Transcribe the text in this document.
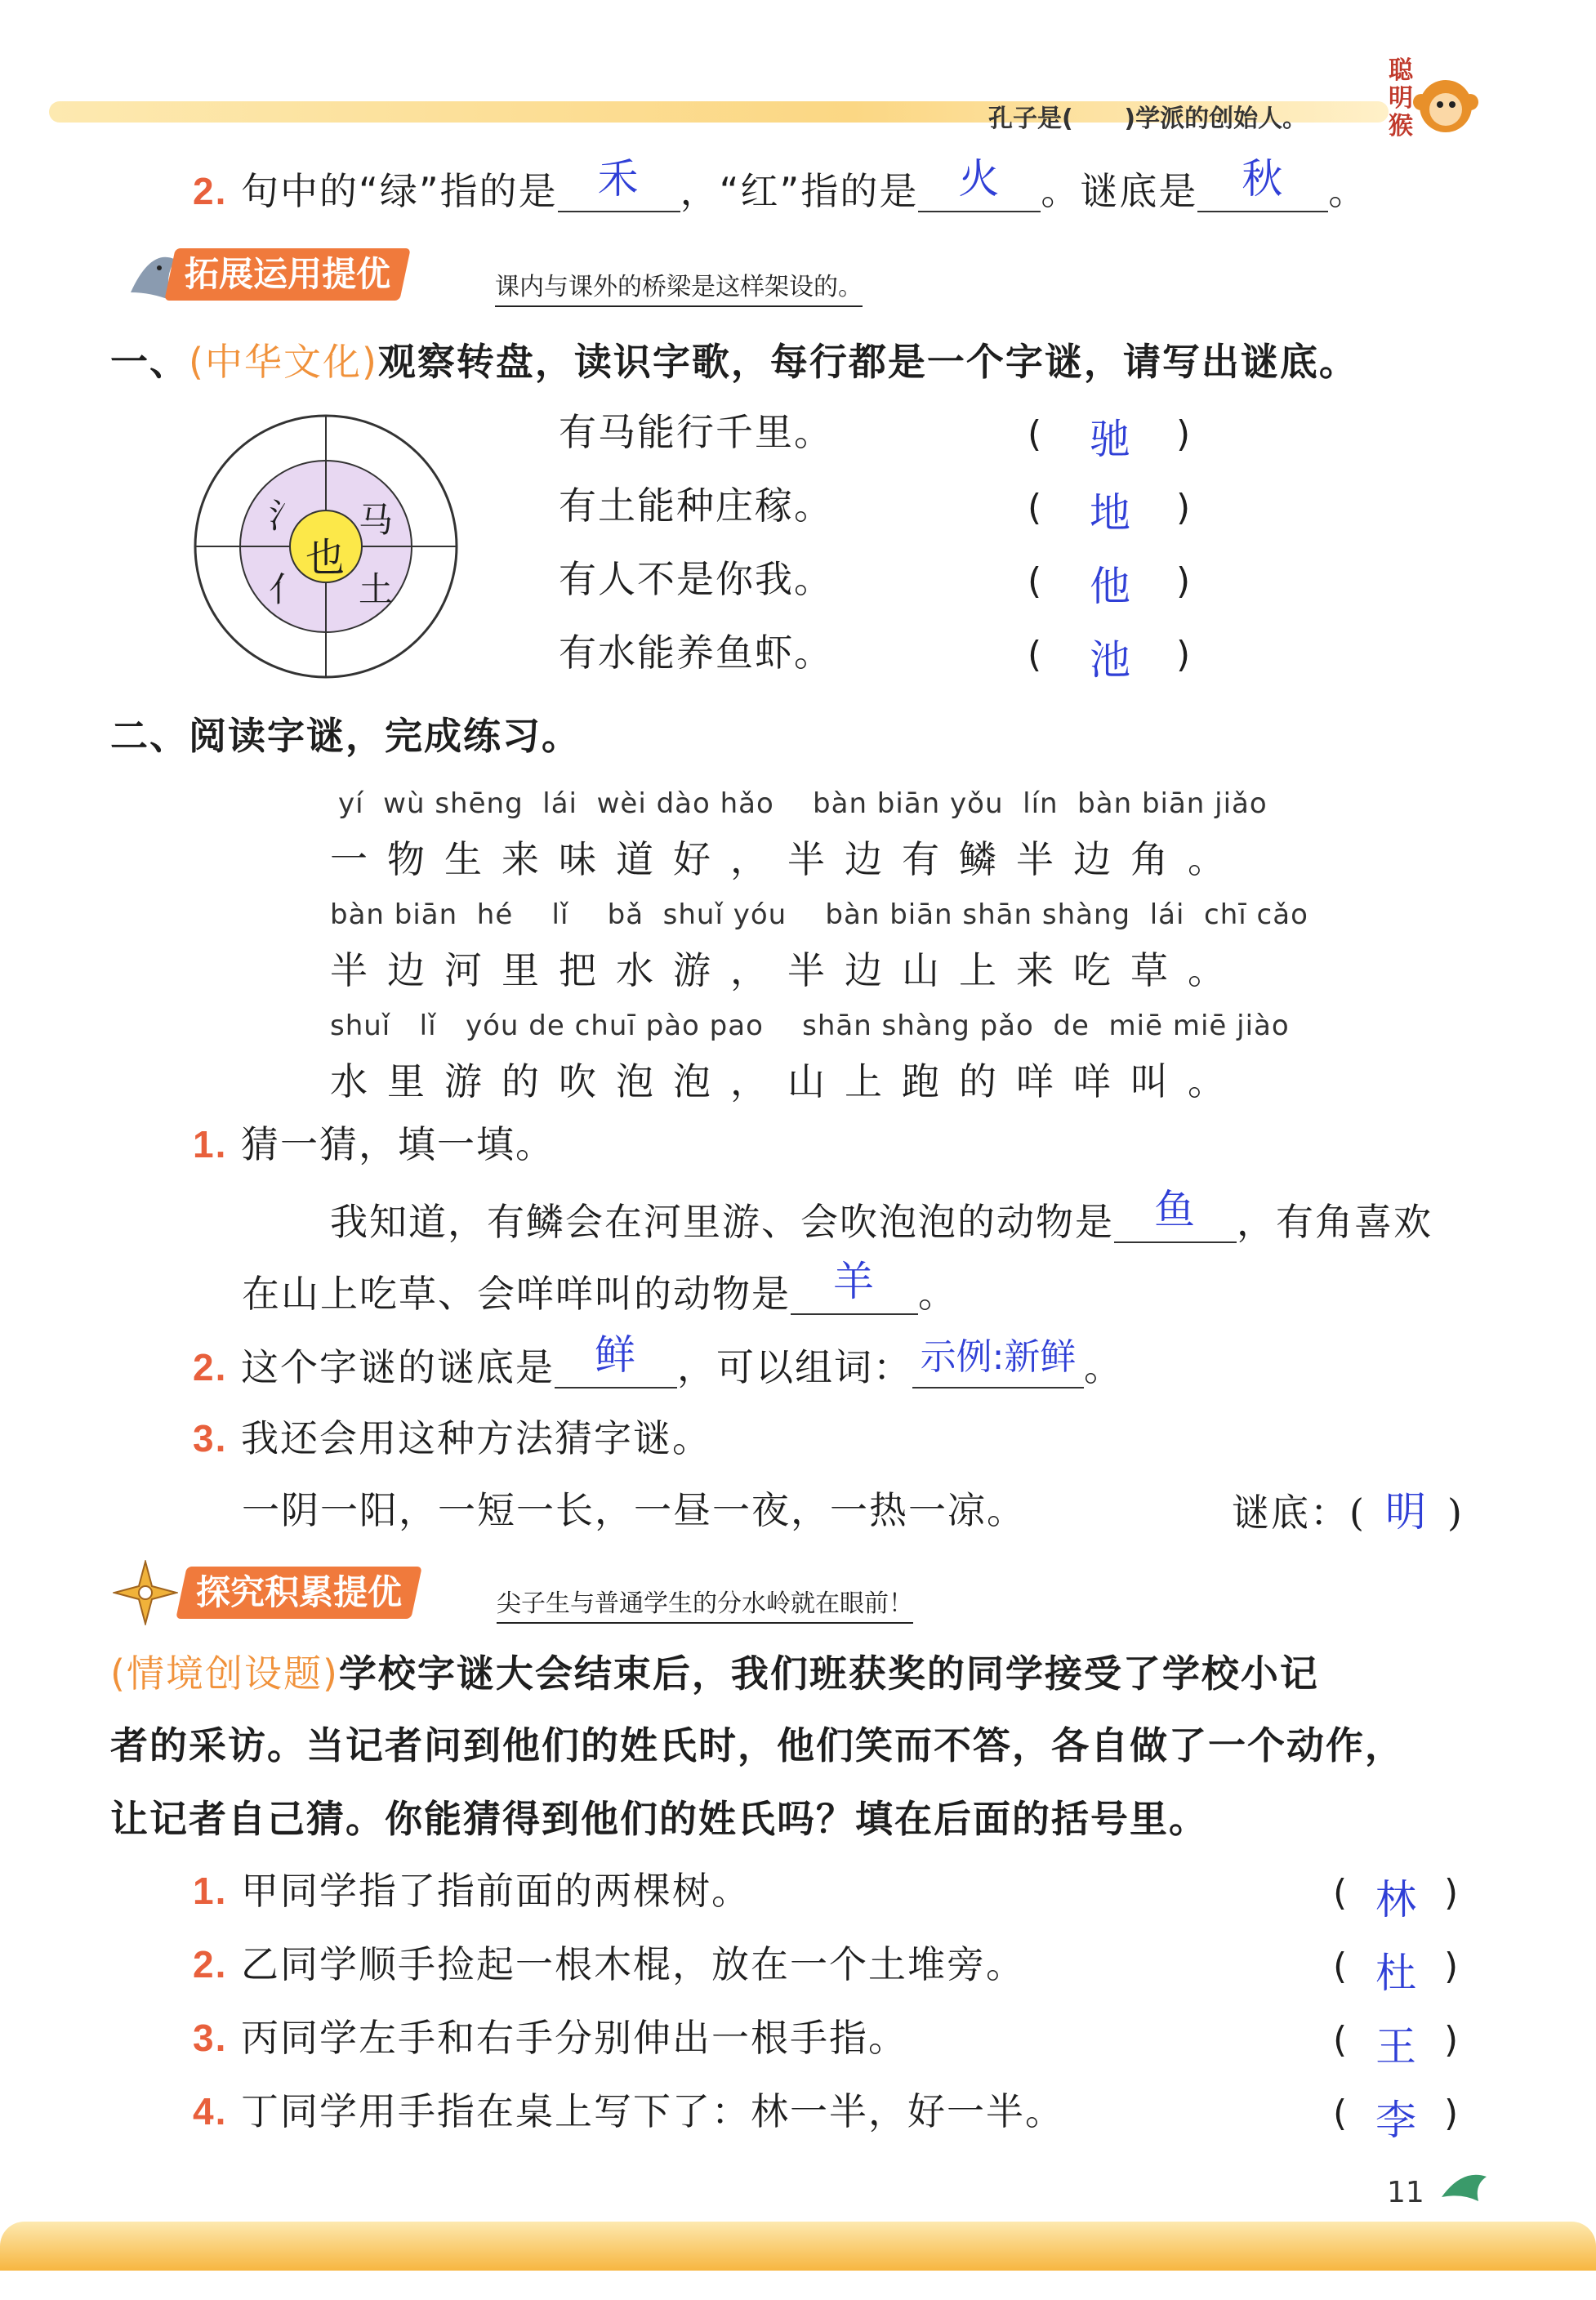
孔子是(      )学派的创始人。
聪
明
猴
2. 句中的“绿”指的是 禾 ，“红”指的是 火 。谜底是 秋 。
拓展运用提优	课内与课外的桥梁是这样架设的。
一、(中华文化)观察转盘，读识字歌，每行都是一个字谜，请写出谜底。
也
氵 马
亻 土
有马能行千里。	( 驰 )
有土能种庄稼。	( 地 )
有人不是你我。	( 他 )
有水能养鱼虾。	( 池 )
二、阅读字谜，完成练习。
yí  wù shēng  lái  wèi dào hǎo    bàn biān yǒu  lín  bàn biān jiǎo
一物生来味道好，半边有鳞半边角。
bàn biān  hé    lǐ    bǎ  shuǐ yóu    bàn biān shān shàng  lái  chī cǎo
半边河里把水游，半边山上来吃草。
shuǐ   lǐ   yóu de chuī pào pao    shān shàng pǎo  de  miē miē jiào
水里游的吹泡泡，山上跑的咩咩叫。
1. 猜一猜，填一填。
我知道，有鳞会在河里游、会吹泡泡的动物是 鱼 ，有角喜欢
在山上吃草、会咩咩叫的动物是 羊 。
2. 这个字谜的谜底是 鲜 ，可以组词： 示例:新鲜 。
3. 我还会用这种方法猜字谜。
一阴一阳，一短一长，一昼一夜，一热一凉。	谜底：( 明 )
探究积累提优	尖子生与普通学生的分水岭就在眼前！
(情境创设题)学校字谜大会结束后，我们班获奖的同学接受了学校小记
者的采访。当记者问到他们的姓氏时，他们笑而不答，各自做了一个动作，
让记者自己猜。你能猜得到他们的姓氏吗？填在后面的括号里。
1. 甲同学指了指前面的两棵树。	( 林 )
2. 乙同学顺手捡起一根木棍，放在一个土堆旁。	( 杜 )
3. 丙同学左手和右手分别伸出一根手指。	( 王 )
4. 丁同学用手指在桌上写下了：林一半，好一半。	( 李 )
11
